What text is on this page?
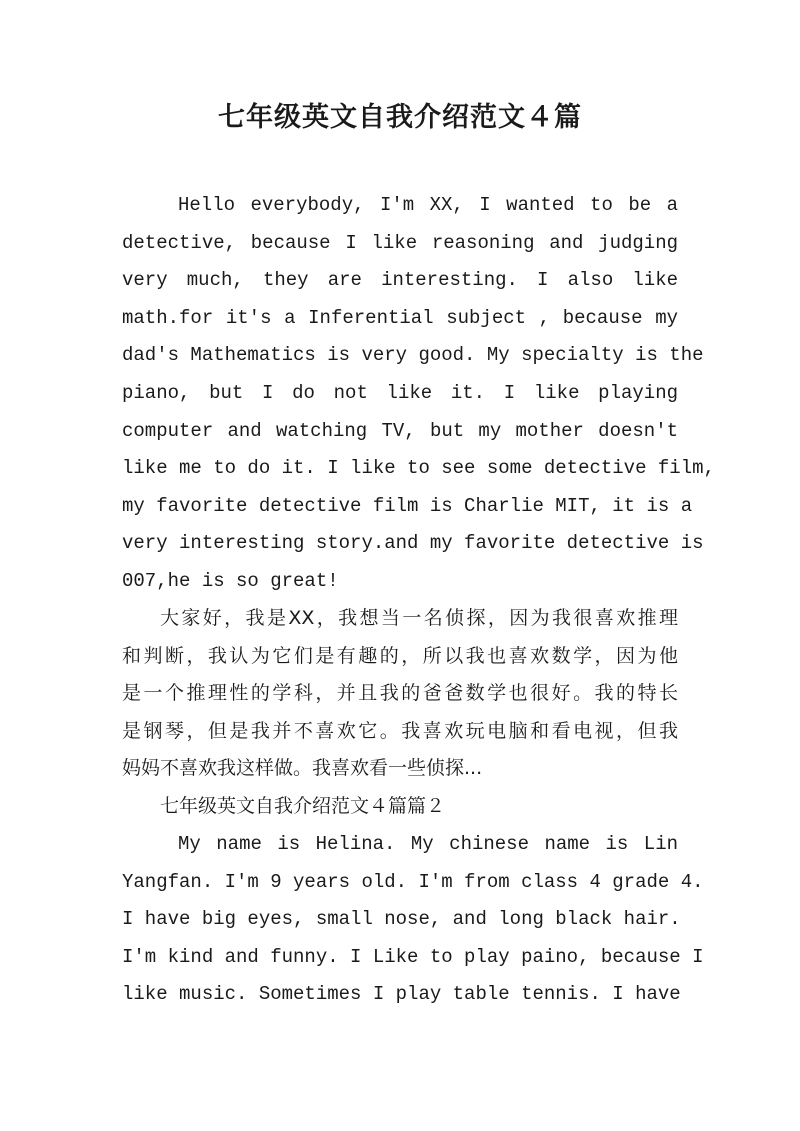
七年级英文自我介绍范文４篇
Hello everybody, I'm XX, I wanted to be a
detective, because I like reasoning and judging
very much, they are interesting. I also like
math.for it's a Inferential subject , because my
dad's Mathematics is very good. My specialty is the
piano, but I do not like it. I like playing
computer and watching TV, but my mother doesn't
like me to do it. I like to see some detective film,
my favorite detective film is Charlie MIT, it is a
very interesting story.and my favorite detective is
007,he is so great!
大家好，我是XX，我想当一名侦探，因为我很喜欢推理
和判断，我认为它们是有趣的，所以我也喜欢数学，因为他
是一个推理性的学科，并且我的爸爸数学也很好。我的特长
是钢琴，但是我并不喜欢它。我喜欢玩电脑和看电视，但我
妈妈不喜欢我这样做。我喜欢看一些侦探...
七年级英文自我介绍范文４篇篇２
My name is Helina. My chinese name is Lin
Yangfan. I'm 9 years old. I'm from class 4 grade 4.
I have big eyes, small nose, and long black hair.
I'm kind and funny. I Like to play paino, because I
like music. Sometimes I play table tennis. I have
